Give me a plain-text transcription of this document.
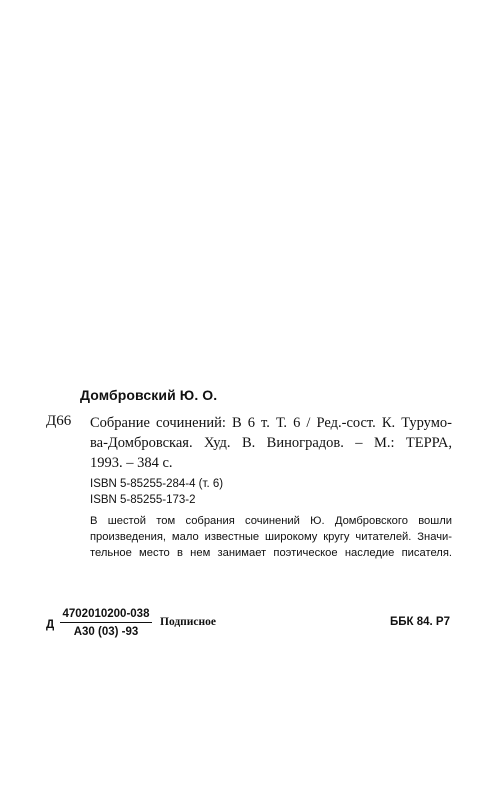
Домбровский Ю. О.
Д66 Собрание сочинений: В 6 т. Т. 6 / Ред.-сост. К. Турумо-
ва-Домбровская. Худ. В. Виноградов. – М.: ТЕРРА,
1993. – 384 с.
ISBN 5-85255-284-4 (т. 6)
ISBN 5-85255-173-2
В шестой том собрания сочинений Ю. Домбровского вошли
произведения, мало известные широкому кругу читателей. Значи-
тельное место в нем занимает поэтическое наследие писателя.
Д
4702010200-038
А30 (03) -93
Подписное	ББК 84. Р7
